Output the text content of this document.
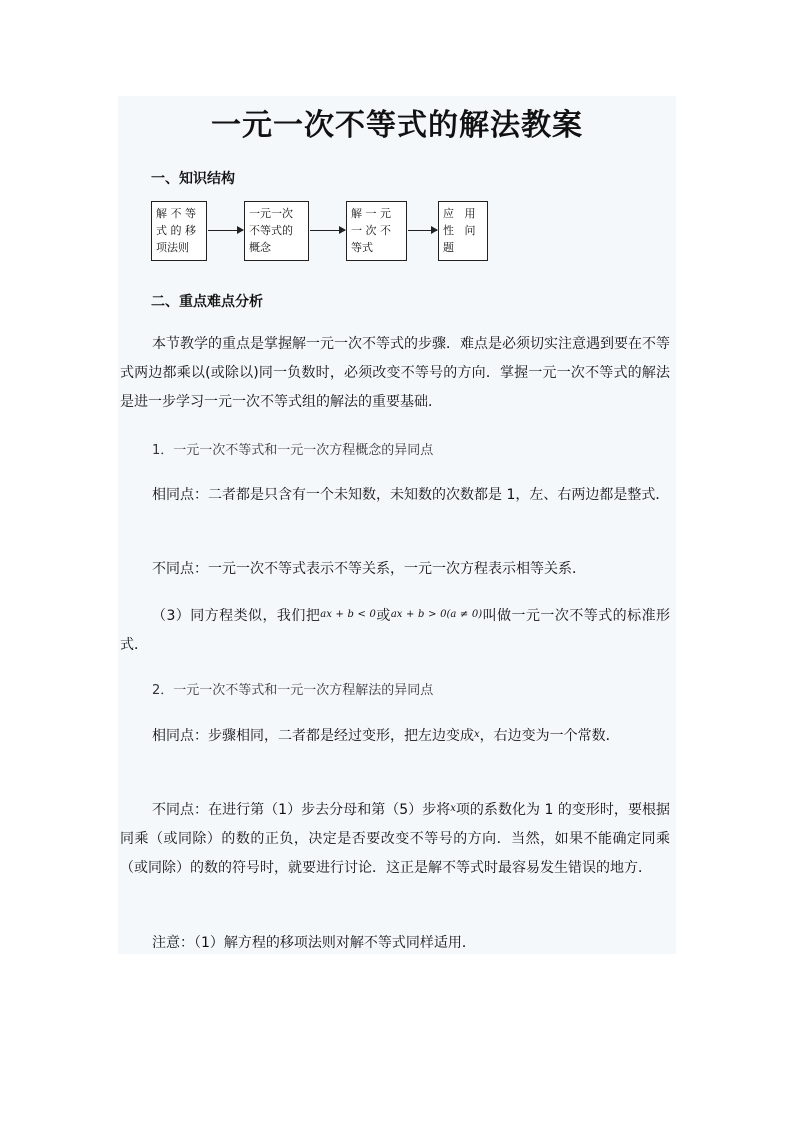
一元一次不等式的解法教案
一、知识结构
解 不 等
式 的 移
项法则
一元一次
不等式的
概念
解 一 元
一 次 不
等式
应   用
性   问
题
二、重点难点分析
本节教学的重点是掌握解一元一次不等式的步骤．难点是必须切实注意遇到要在不等式两边都乘以(或除以)同一负数时，必须改变不等号的方向．掌握一元一次不等式的解法是进一步学习一元一次不等式组的解法的重要基础．
1．一元一次不等式和一元一次方程概念的异同点
相同点：二者都是只含有一个未知数，未知数的次数都是 1，左、右两边都是整式．
不同点：一元一次不等式表示不等关系，一元一次方程表示相等关系．
（3）同方程类似，我们把$^{ax + b < 0}$或$^{ax + b > 0(a \ne 0)}$叫做一元一次不等式的标准形式．
2．一元一次不等式和一元一次方程解法的异同点
相同点：步骤相同，二者都是经过变形，把左边变成$^x$，右边变为一个常数．
不同点：在进行第（1）步去分母和第（5）步将$^x$项的系数化为 1 的变形时，要根据同乘（或同除）的数的正负，决定是否要改变不等号的方向．当然，如果不能确定同乘（或同除）的数的符号时，就要进行讨论．这正是解不等式时最容易发生错误的地方．
注意：（1）解方程的移项法则对解不等式同样适用．
